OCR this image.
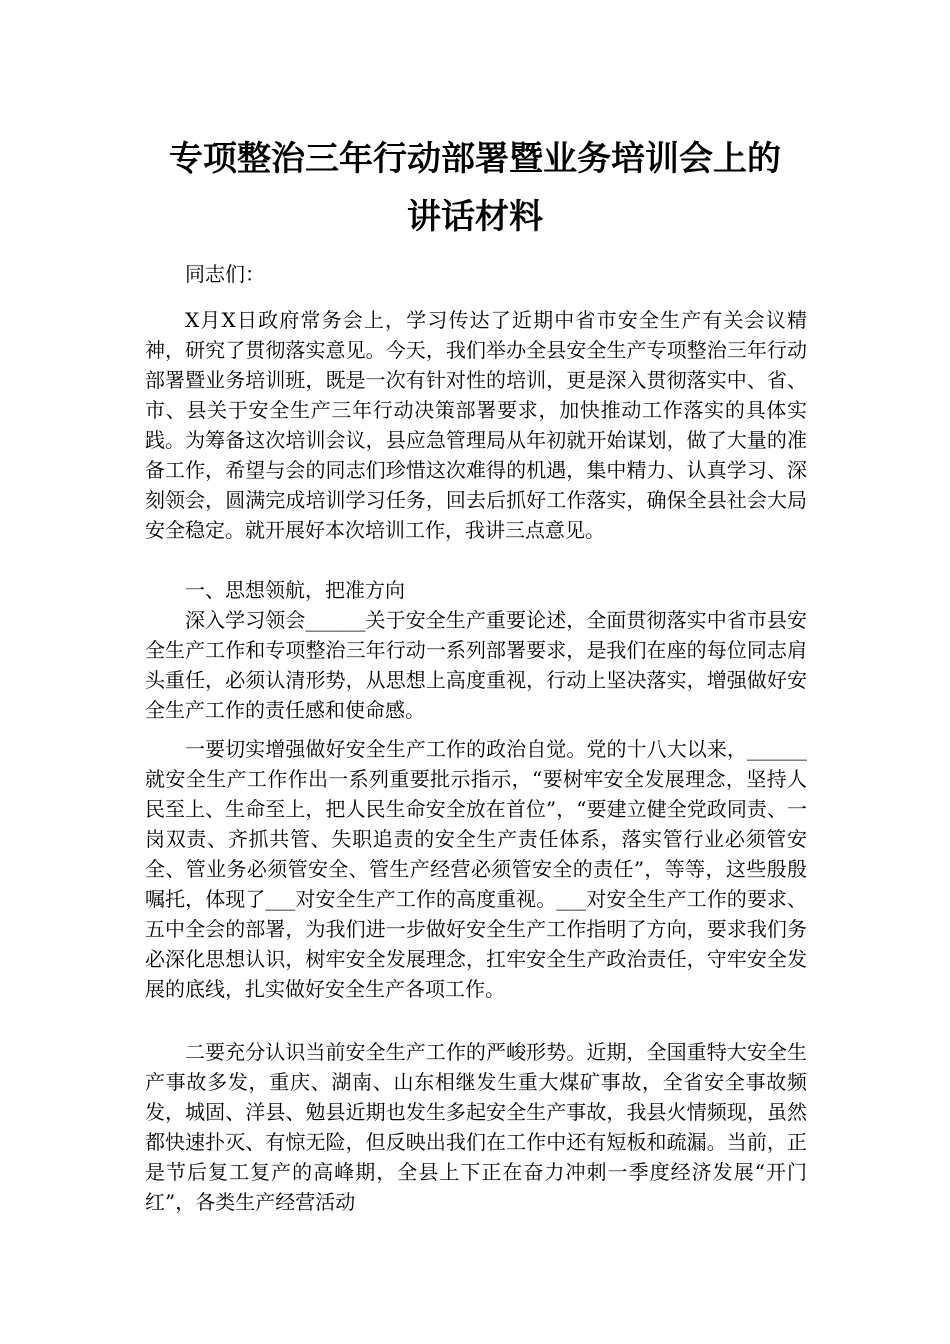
专项整治三年行动部署暨业务培训会上的
讲话材料

同志们：

X月X日政府常务会上，学习传达了近期中省市安全生产有关会议精神，研究了贯彻落实意见。今天，我们举办全县安全生产专项整治三年行动部署暨业务培训班，既是一次有针对性的培训，更是深入贯彻落实中、省、市、县关于安全生产三年行动决策部署要求，加快推动工作落实的具体实践。为筹备这次培训会议，县应急管理局从年初就开始谋划，做了大量的准备工作，希望与会的同志们珍惜这次难得的机遇，集中精力、认真学习、深刻领会，圆满完成培训学习任务，回去后抓好工作落实，确保全县社会大局安全稳定。就开展好本次培训工作，我讲三点意见。

一、思想领航，把准方向

深入学习领会______关于安全生产重要论述，全面贯彻落实中省市县安全生产工作和专项整治三年行动一系列部署要求，是我们在座的每位同志肩头重任，必须认清形势，从思想上高度重视，行动上坚决落实，增强做好安全生产工作的责任感和使命感。

一要切实增强做好安全生产工作的政治自觉。党的十八大以来，______就安全生产工作作出一系列重要批示指示，“要树牢安全发展理念，坚持人民至上、生命至上，把人民生命安全放在首位”，“要建立健全党政同责、一岗双责、齐抓共管、失职追责的安全生产责任体系，落实管行业必须管安全、管业务必须管安全、管生产经营必须管安全的责任”，等等，这些殷殷嘱托，体现了___对安全生产工作的高度重视。___对安全生产工作的要求、五中全会的部署，为我们进一步做好安全生产工作指明了方向，要求我们务必深化思想认识，树牢安全发展理念，扛牢安全生产政治责任，守牢安全发展的底线，扎实做好安全生产各项工作。

二要充分认识当前安全生产工作的严峻形势。近期，全国重特大安全生产事故多发，重庆、湖南、山东相继发生重大煤矿事故，全省安全事故频发，城固、洋县、勉县近期也发生多起安全生产事故，我县火情频现，虽然都快速扑灭、有惊无险，但反映出我们在工作中还有短板和疏漏。当前，正是节后复工复产的高峰期，全县上下正在奋力冲刺一季度经济发展“开门红”，各类生产经营活动
